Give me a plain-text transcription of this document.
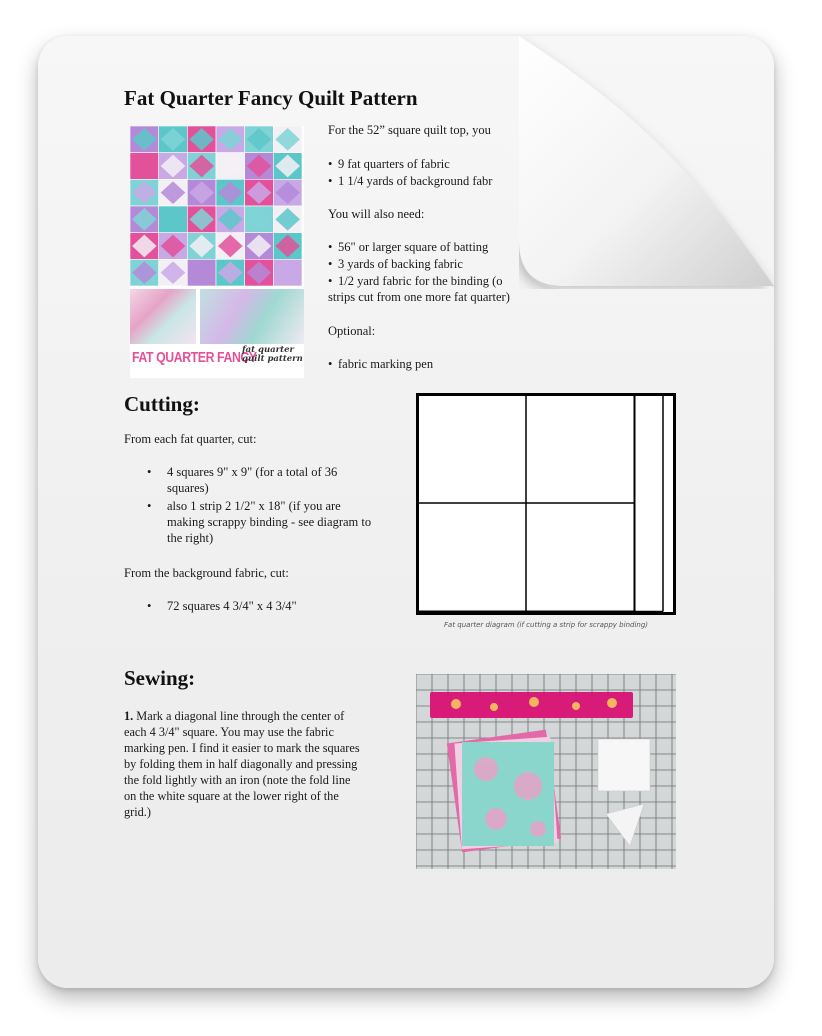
Fat Quarter Fancy Quilt Pattern
FAT QUARTER FANCY
fat quarter
quilt pattern
For the 52” square quilt top, you
• 9 fat quarters of fabric
• 1 1/4 yards of background fabr
You will also need:
• 56" or larger square of batting
• 3 yards of backing fabric
• 1/2 yard fabric for the binding (o
strips cut from one more fat quarter)
Optional:
• fabric marking pen
Cutting:
From each fat quarter, cut:
•	4 squares 9" x 9" (for a total of 36
squares)
•	also 1 strip 2 1/2" x 18" (if you are
making scrappy binding - see diagram to
the right)
From the background fabric, cut:
•	72 squares 4 3/4" x 4 3/4"
Fat quarter diagram (if cutting a strip for scrappy binding)
Sewing:
1. Mark a diagonal line through the center of
each 4 3/4" square. You may use the fabric
marking pen. I find it easier to mark the squares
by folding them in half diagonally and pressing
the fold lightly with an iron (note the fold line
on the white square at the lower right of the
grid.)
